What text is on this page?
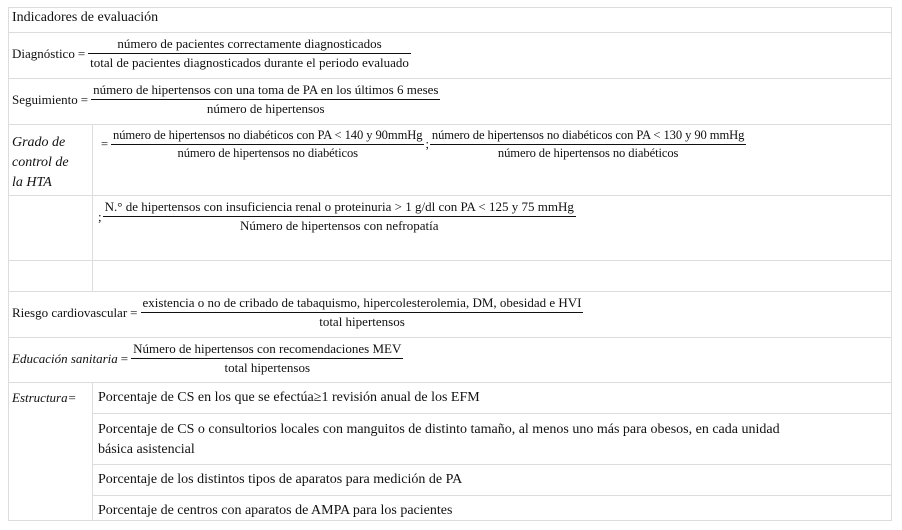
Indicadores de evaluación
Diagnóstico =
número de pacientes correctamente diagnosticados
total de pacientes diagnosticados durante el periodo evaluado
Seguimiento =
número de hipertensos con una toma de PA en los últimos 6 meses
número de hipertensos
Grado de
control de
la HTA
= $\frac{\text{número de hipertensos no diabéticos con PA < 140 y 90mmHg}}{\text{número de hipertensos no diabéticos}}$ ; $\frac{\text{número de hipertensos no diabéticos con PA < 130 y 90 mmHg}}{\text{número de hipertensos no diabéticos}}$
;
N.° de hipertensos con insuficiencia renal o proteinuria > 1 g/dl con PA < 125 y 75 mmHg
Número de hipertensos con nefropatía
Riesgo cardiovascular =
existencia o no de cribado de tabaquismo, hipercolesterolemia, DM, obesidad e HVI
total hipertensos
Educación sanitaria = $\frac{\text{Número de hipertensos con recomendaciones MEV}}{\text{total hipertensos}}$
Estructura= Porcentaje de CS en los que se efectúa≥1 revisión anual de los EFM
Porcentaje de CS o consultorios locales con manguitos de distinto tamaño, al menos uno más para obesos, en cada unidad
básica asistencial
Porcentaje de los distintos tipos de aparatos para medición de PA
Porcentaje de centros con aparatos de AMPA para los pacientes
